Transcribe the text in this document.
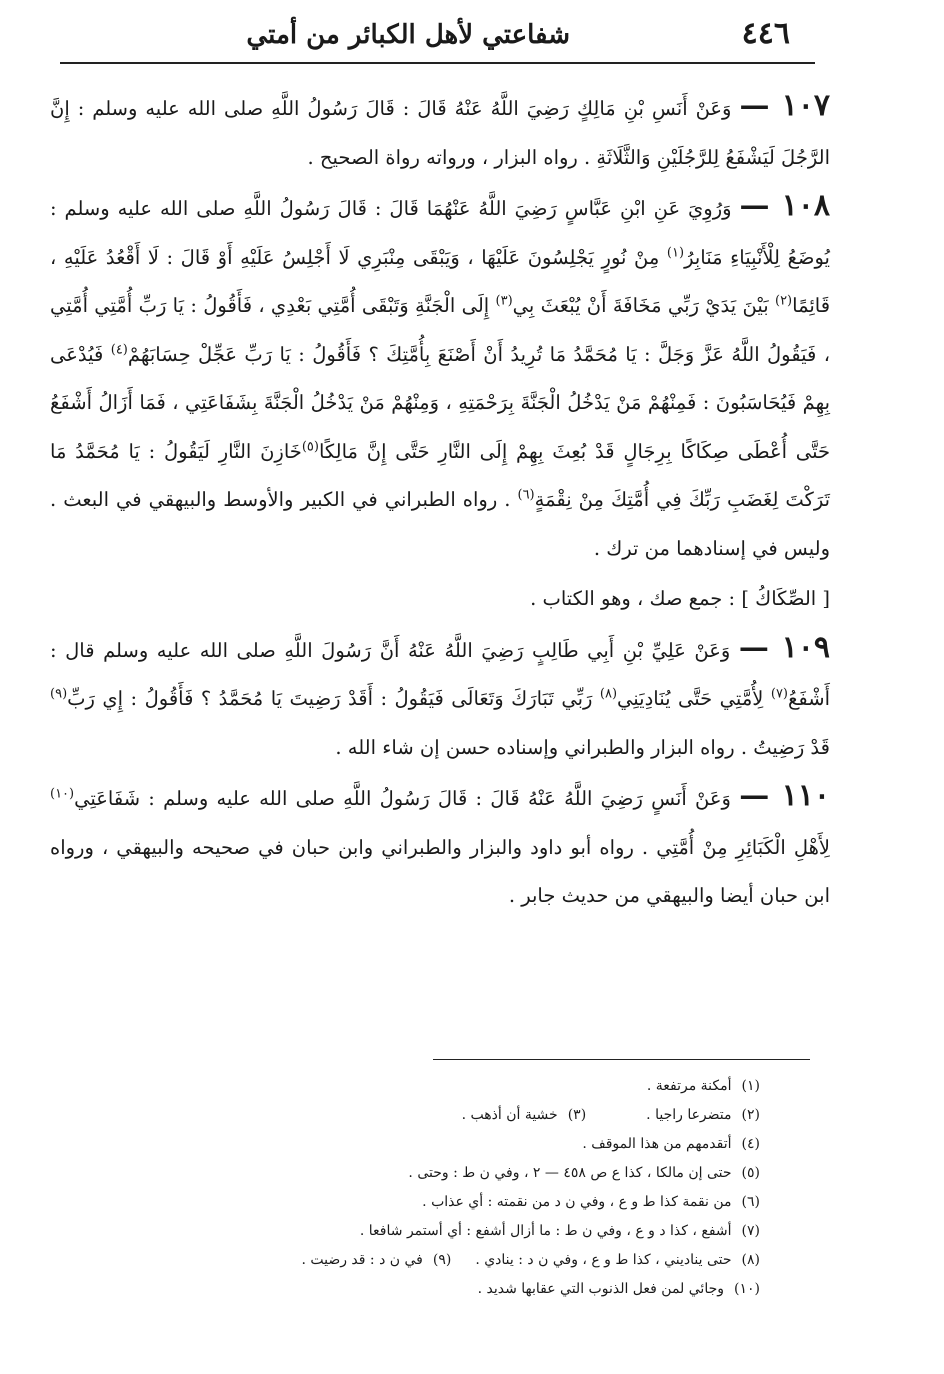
٤٤٦
شفاعتي لأهل الكبائر من أمتي

١٠٧ — وَعَنْ أَنَسِ بْنِ مَالِكٍ رَضِيَ اللَّهُ عَنْهُ قَالَ : قَالَ رَسُولُ اللَّهِ صلى الله عليه وسلم : إِنَّ الرَّجُلَ لَيَشْفَعُ لِلرَّجُلَيْنِ وَالثَّلَاثَةِ . رواه البزار ، ورواته رواة الصحيح .

١٠٨ — وَرُوِيَ عَنِ ابْنِ عَبَّاسٍ رَضِيَ اللَّهُ عَنْهُمَا قَالَ : قَالَ رَسُولُ اللَّهِ صلى الله عليه وسلم : يُوضَعُ لِلْأَنْبِيَاءِ مَنَابِرُ$^{(١)}$ مِنْ نُورٍ يَجْلِسُونَ عَلَيْهَا ، وَيَبْقَى مِنْبَرِي لَا أَجْلِسُ عَلَيْهِ أَوْ قَالَ : لَا أَقْعُدُ عَلَيْهِ ، قَائِمًا$^{(٢)}$ بَيْنَ يَدَيْ رَبِّي مَخَافَةَ أَنْ يُبْعَثَ بِي$^{(٣)}$ إِلَى الْجَنَّةِ وَتَبْقَى أُمَّتِي بَعْدِي ، فَأَقُولُ : يَا رَبِّ أُمَّتِي أُمَّتِي ، فَيَقُولُ اللَّهُ عَزَّ وَجَلَّ : يَا مُحَمَّدُ مَا تُرِيدُ أَنْ أَصْنَعَ بِأُمَّتِكَ ؟ فَأَقُولُ : يَا رَبِّ عَجِّلْ حِسَابَهُمْ$^{(٤)}$ فَيُدْعَى بِهِمْ فَيُحَاسَبُونَ : فَمِنْهُمْ مَنْ يَدْخُلُ الْجَنَّةَ بِرَحْمَتِهِ ، وَمِنْهُمْ مَنْ يَدْخُلُ الْجَنَّةَ بِشَفَاعَتِي ، فَمَا أَزَالُ أَشْفَعُ حَتَّى أُعْطَى صِكَاكًا بِرِجَالٍ قَدْ بُعِثَ بِهِمْ إِلَى النَّارِ حَتَّى إِنَّ مَالِكًا$^{(٥)}$خَازِنَ النَّارِ لَيَقُولُ : يَا مُحَمَّدُ مَا تَرَكْتَ لِغَضَبِ رَبِّكَ فِي أُمَّتِكَ مِنْ نِقْمَةٍ$^{(٦)}$ . رواه الطبراني في الكبير والأوسط والبيهقي في البعث . وليس في إسنادهما من ترك .

[ الصِّكَاكُ ] : جمع صك ، وهو الكتاب .

١٠٩ — وَعَنْ عَلِيِّ بْنِ أَبِي طَالِبٍ رَضِيَ اللَّهُ عَنْهُ أَنَّ رَسُولَ اللَّهِ صلى الله عليه وسلم قال : أَشْفَعُ$^{(٧)}$ لِأُمَّتِي حَتَّى يُنَادِيَنِي$^{(٨)}$ رَبِّي تَبَارَكَ وَتَعَالَى فَيَقُولُ : أَقَدْ رَضِيتَ يَا مُحَمَّدُ ؟ فَأَقُولُ : إِي رَبِّ$^{(٩)}$ قَدْ رَضِيتُ . رواه البزار والطبراني وإسناده حسن إن شاء الله .

١١٠ — وَعَنْ أَنَسٍ رَضِيَ اللَّهُ عَنْهُ قَالَ : قَالَ رَسُولُ اللَّهِ صلى الله عليه وسلم : شَفَاعَتِي$^{(١٠)}$ لِأَهْلِ الْكَبَائِرِ مِنْ أُمَّتِي . رواه أبو داود والبزار والطبراني وابن حبان في صحيحه والبيهقي ، ورواه ابن حبان أيضا والبيهقي من حديث جابر .

(١)أمكنة مرتفعة .
(٢)متضرعا راجيا .(٣)خشية أن أذهب .
(٤)أتقدمهم من هذا الموقف .
(٥)حتى إن مالكا ، كذا ع ص ٤٥٨ — ٢ ، وفي ن ط : وحتى .
(٦)من نقمة كذا ط و ع ، وفي ن د من نقمته : أي عذاب .
(٧)أشفع ، كذا د و ع ، وفي ن ط : ما أزال أشفع : أي أستمر شافعا .
(٨)حتى يناديني ، كذا ط و ع ، وفي ن د : ينادي .(٩)في ن د : قد رضيت .
(١٠)وجائي لمن فعل الذنوب التي عقابها شديد .
